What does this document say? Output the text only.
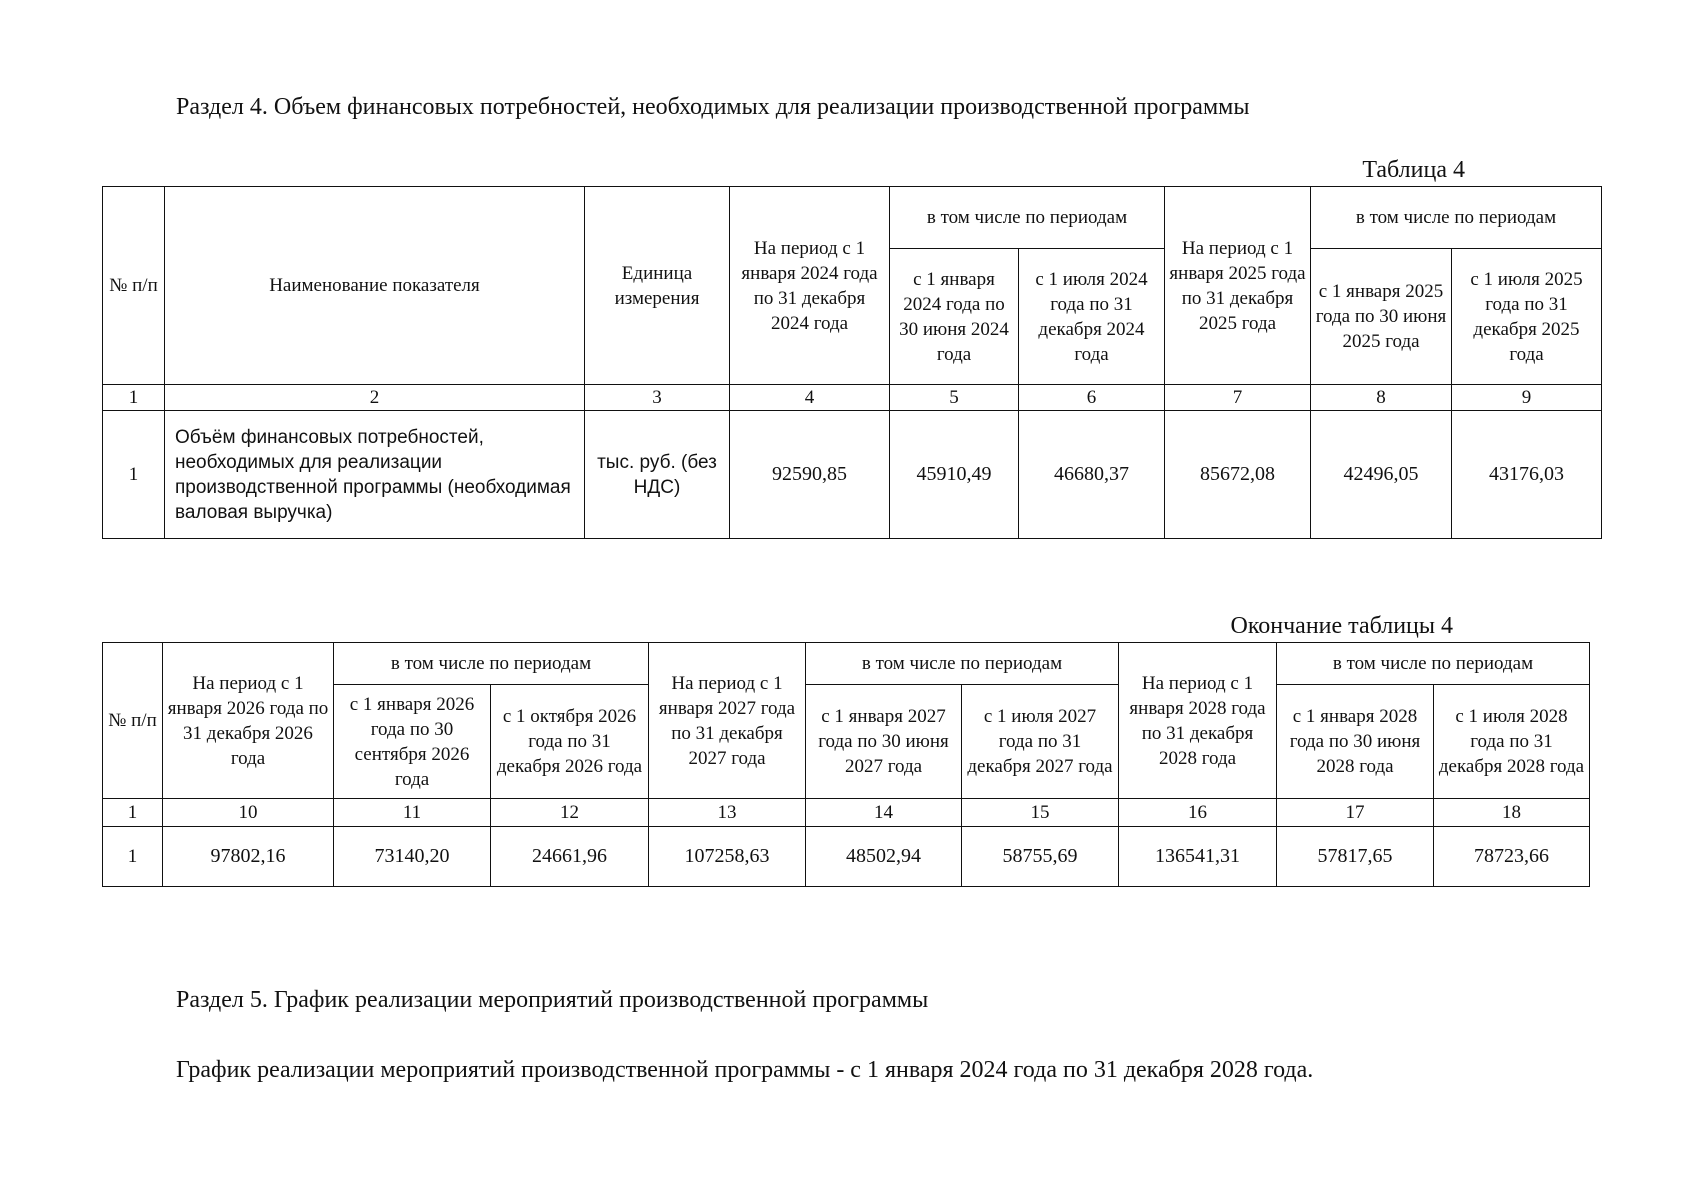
Раздел 4. Объем финансовых потребностей, необходимых для реализации производственной программы
Таблица 4
№ п/п	Наименование показателя	Единица измерения	На период с 1 января 2024 года по 31 декабря 2024 года	в том числе по периодам		На период с 1 января 2025 года по 31 декабря 2025 года	в том числе по периодам	
				с 1 января 2024 года по 30 июня 2024 года	с 1 июля 2024 года по 31 декабря 2024 года		с 1 января 2025 года по 30 июня 2025 года	с 1 июля 2025 года по 31 декабря 2025 года
1	2	3	4	5	6	7	8	9
1	Объём финансовых потребностей, необходимых для реализации производственной программы (необходимая валовая выручка)	тыс. руб. (без НДС)	92590,85	45910,49	46680,37	85672,08	42496,05	43176,03
Окончание таблицы 4
№ п/п	На период с 1 января 2026 года по 31 декабря 2026 года	в том числе по периодам		На период с 1 января 2027 года по 31 декабря 2027 года	в том числе по периодам		На период с 1 января 2028 года по 31 декабря 2028 года	в том числе по периодам	
		с 1 января 2026 года по 30 сентября 2026 года	с 1 октября 2026 года по 31 декабря 2026 года		с 1 января 2027 года по 30 июня 2027 года	с 1 июля 2027 года по 31 декабря 2027 года		с 1 января 2028 года по 30 июня 2028 года	с 1 июля 2028 года по 31 декабря 2028 года
1	10	11	12	13	14	15	16	17	18
1	97802,16	73140,20	24661,96	107258,63	48502,94	58755,69	136541,31	57817,65	78723,66
Раздел 5. График реализации мероприятий производственной программы
График реализации мероприятий производственной программы - с 1 января 2024 года по 31 декабря 2028 года.
